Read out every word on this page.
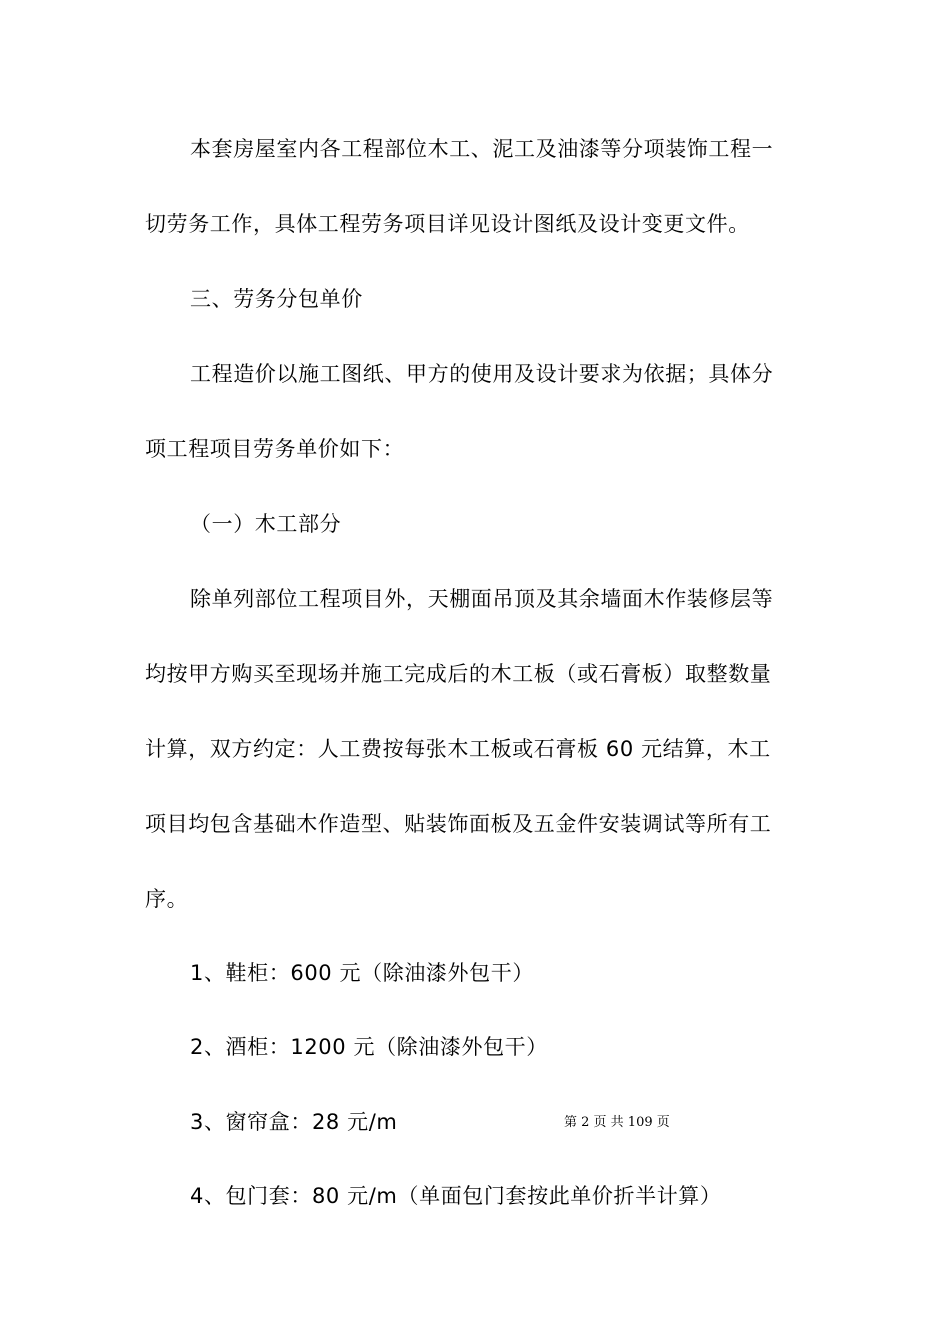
本套房屋室内各工程部位木工、泥工及油漆等分项装饰工程一
切劳务工作，具体工程劳务项目详见设计图纸及设计变更文件。
三、劳务分包单价
工程造价以施工图纸、甲方的使用及设计要求为依据；具体分
项工程项目劳务单价如下：
（一）木工部分
除单列部位工程项目外，天棚面吊顶及其余墙面木作装修层等
均按甲方购买至现场并施工完成后的木工板（或石膏板）取整数量
计算，双方约定：人工费按每张木工板或石膏板 60 元结算，木工
项目均包含基础木作造型、贴装饰面板及五金件安装调试等所有工
序。
1、鞋柜：600 元（除油漆外包干）
2、酒柜：1200 元（除油漆外包干）
3、窗帘盒：28 元/m
4、包门套：80 元/m（单面包门套按此单价折半计算）
第 2 页 共 109 页
